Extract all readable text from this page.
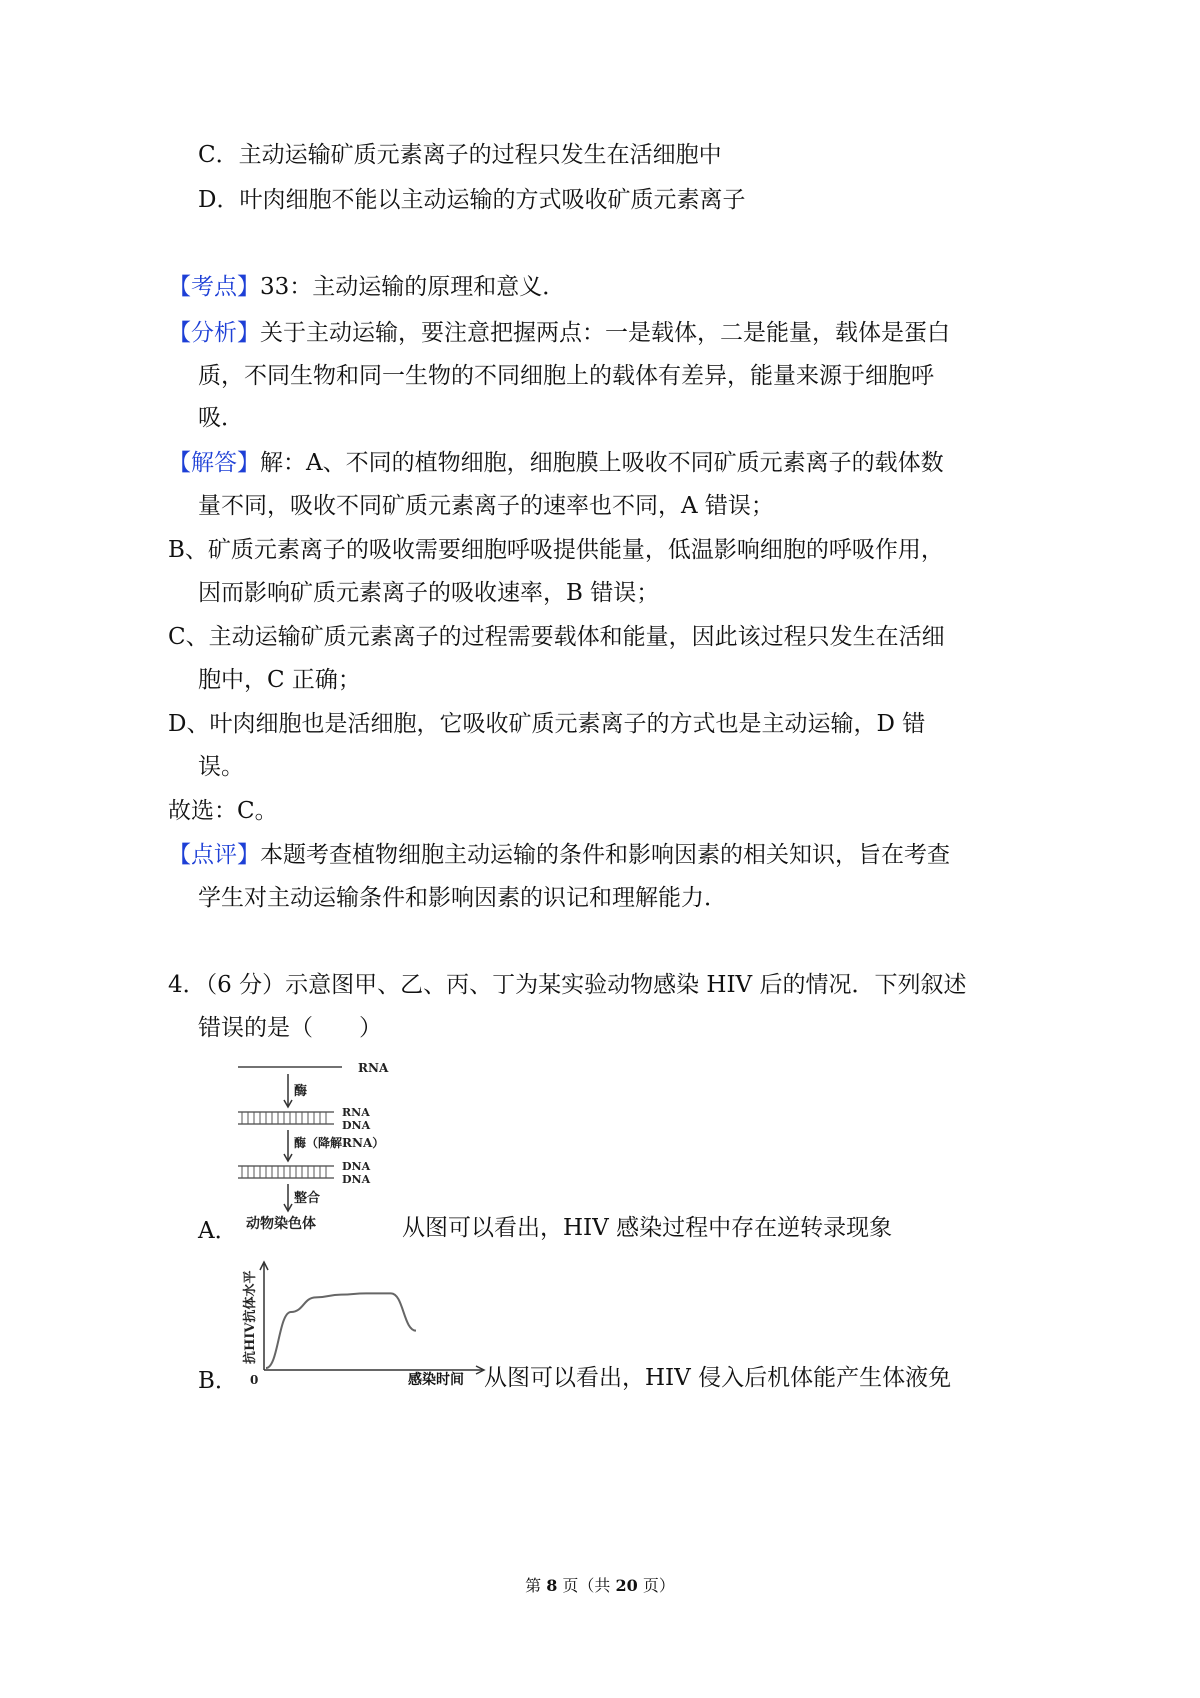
C．主动运输矿质元素离子的过程只发生在活细胞中
D．叶肉细胞不能以主动运输的方式吸收矿质元素离子
【考点】33：主动运输的原理和意义．
【分析】关于主动运输，要注意把握两点：一是载体，二是能量，载体是蛋白
质，不同生物和同一生物的不同细胞上的载体有差异，能量来源于细胞呼
吸．
【解答】解：A、不同的植物细胞，细胞膜上吸收不同矿质元素离子的载体数
量不同，吸收不同矿质元素离子的速率也不同，A 错误；
B、矿质元素离子的吸收需要细胞呼吸提供能量，低温影响细胞的呼吸作用，
因而影响矿质元素离子的吸收速率，B 错误；
C、主动运输矿质元素离子的过程需要载体和能量，因此该过程只发生在活细
胞中，C 正确；
D、叶肉细胞也是活细胞，它吸收矿质元素离子的方式也是主动运输，D 错
误。
故选：C。
【点评】本题考查植物细胞主动运输的条件和影响因素的相关知识，旨在考查
学生对主动运输条件和影响因素的识记和理解能力．
4．（6 分）示意图甲、乙、丙、丁为某实验动物感染 HIV 后的情况．下列叙述
错误的是（　　）
RNA
酶
RNA
DNA
酶（降解RNA）
DNA
DNA
整合
动物染色体
A．	从图可以看出，HIV 感染过程中存在逆转录现象
抗HIV抗体水平
0	感染时间
B．	从图可以看出，HIV 侵入后机体能产生体液免
第 8 页（共 20 页）
